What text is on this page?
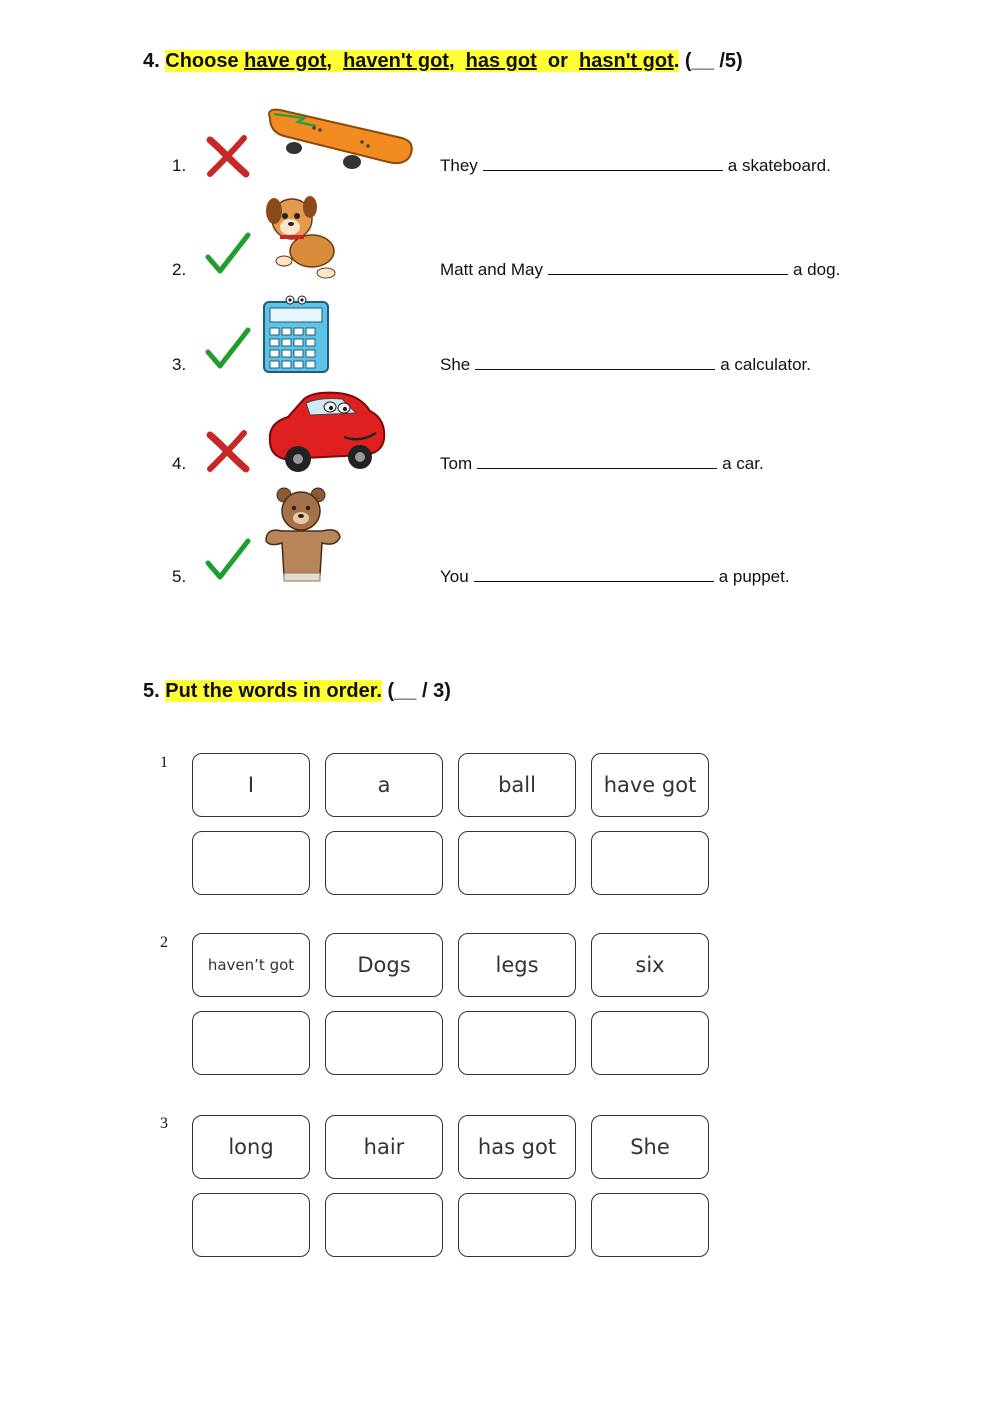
4. Choose have got, haven't got, has got or hasn't got. (__ /5)
1.	They	a skateboard.
2.	Matt and May	a dog.
3.	She	a calculator.
4.	Tom	a car.
5.	You	a puppet.
5. Put the words in order. (__ / 3)
1
I	a	ball	have got
2
haven’t got	Dogs	legs	six
3
long	hair	has got	She
